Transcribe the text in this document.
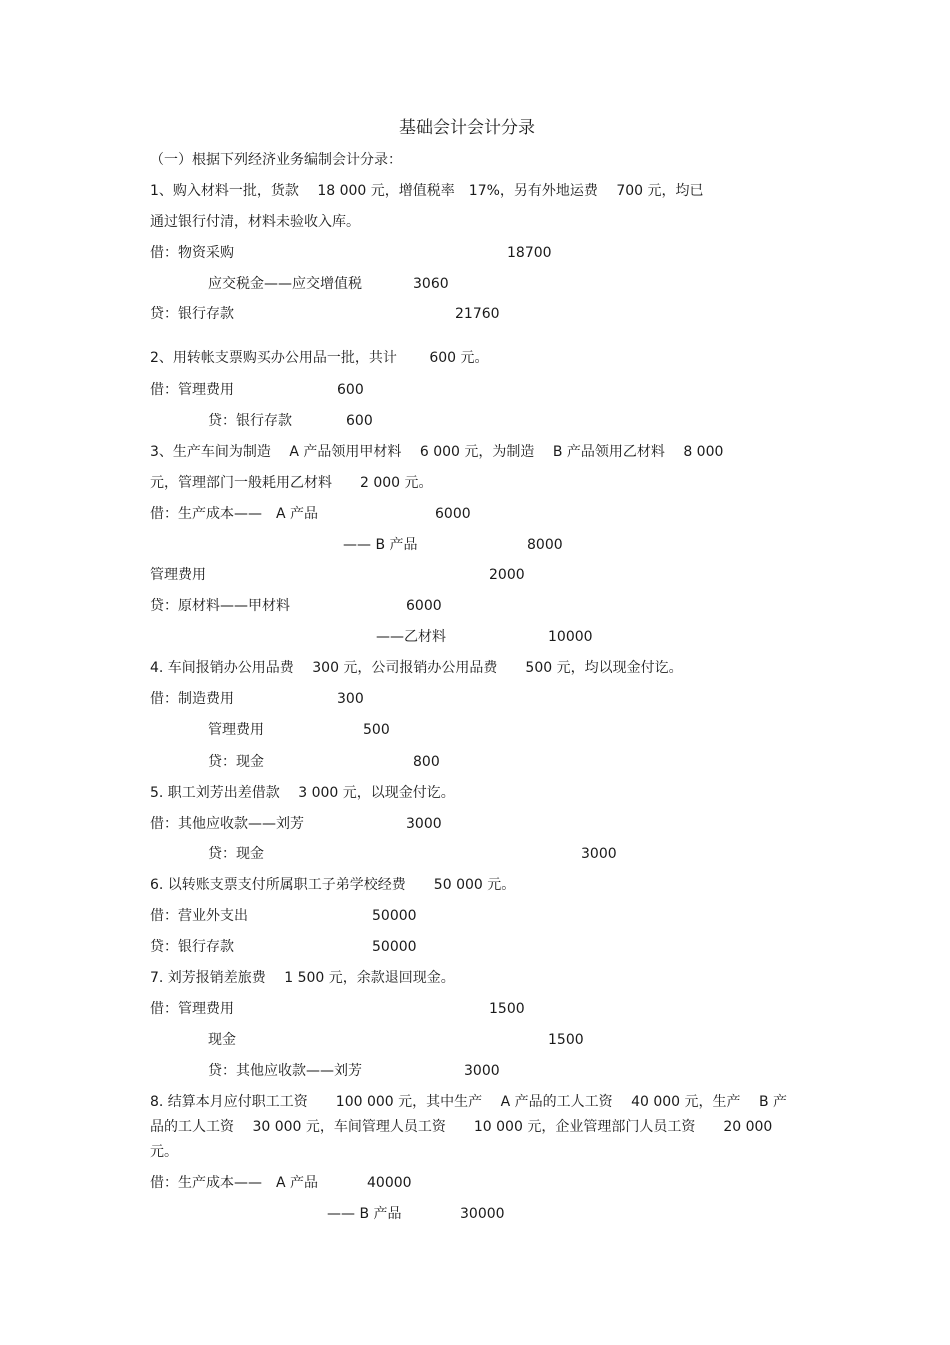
基础会计会计分录
（一）根据下列经济业务编制会计分录：
1、购入材料一批，货款　 18 000 元，增值税率　17%，另有外地运费　 700 元，均已
通过银行付清，材料未验收入库。
借：物资采购	18700
应交税金——应交增值税	3060
贷：银行存款	21760
2、用转帐支票购买办公用品一批，共计　 　600 元。
借：管理费用	600
贷：银行存款	600
3、生产车间为制造　 A 产品领用甲材料　 6 000 元，为制造　 B 产品领用乙材料　 8 000
元，管理部门一般耗用乙材料　　2 000 元。
借：生产成本——　A 产品	6000
—— B 产品	8000
管理费用	2000
贷：原材料——甲材料	6000
——乙材料	10000
4. 车间报销办公用品费　 300 元，公司报销办公用品费　　500 元，均以现金付讫。
借：制造费用	300
管理费用	500
贷：现金	800
5. 职工刘芳出差借款　 3 000 元，以现金付讫。
借：其他应收款——刘芳	3000
贷：现金	3000
6. 以转账支票支付所属职工子弟学校经费　　50 000 元。
借：营业外支出	50000
贷：银行存款	50000
7. 刘芳报销差旅费　 1 500 元，余款退回现金。
借：管理费用	1500
现金	1500
贷：其他应收款——刘芳	3000
8. 结算本月应付职工工资　　100 000 元，其中生产　 A 产品的工人工资　 40 000 元，生产　 B 产
品的工人工资　 30 000 元，车间管理人员工资　　10 000 元，企业管理部门人员工资　　20 000
元。
借：生产成本——　A 产品	40000
—— B 产品	30000
